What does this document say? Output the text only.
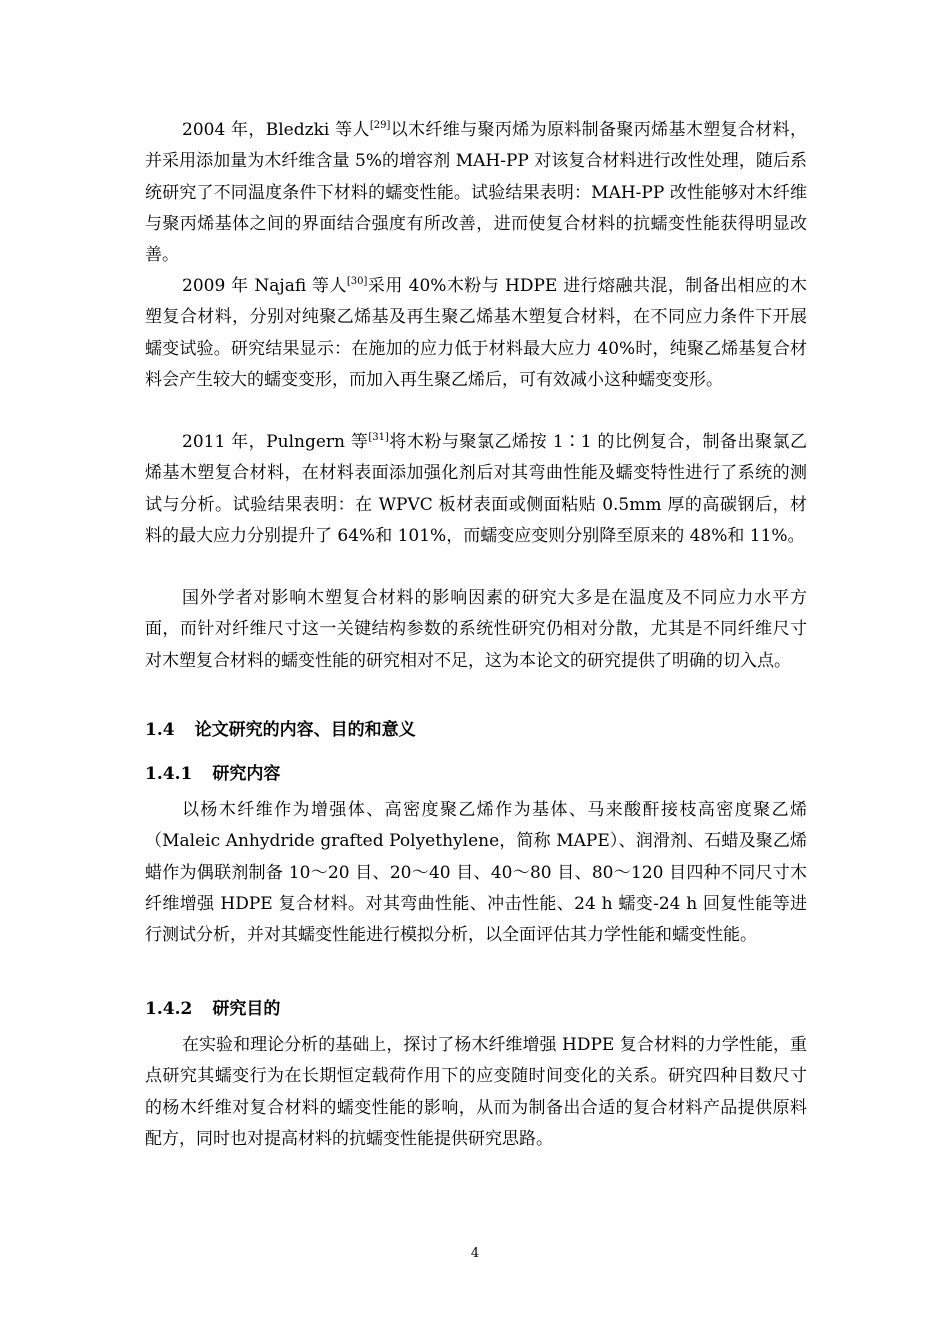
2004 年，Bledzki 等人[29]以木纤维与聚丙烯为原料制备聚丙烯基木塑复合材料，并采用添加量为木纤维含量 5%的增容剂 MAH-PP 对该复合材料进行改性处理，随后系统研究了不同温度条件下材料的蠕变性能。试验结果表明：MAH-PP 改性能够对木纤维与聚丙烯基体之间的界面结合强度有所改善，进而使复合材料的抗蠕变性能获得明显改善。

2009 年 Najafi 等人[30]采用 40%木粉与 HDPE 进行熔融共混，制备出相应的木塑复合材料，分别对纯聚乙烯基及再生聚乙烯基木塑复合材料，在不同应力条件下开展蠕变试验。研究结果显示：在施加的应力低于材料最大应力 40%时，纯聚乙烯基复合材料会产生较大的蠕变变形，而加入再生聚乙烯后，可有效减小这种蠕变变形。

2011 年，Pulngern 等[31]将木粉与聚氯乙烯按 1∶1 的比例复合，制备出聚氯乙烯基木塑复合材料，在材料表面添加强化剂后对其弯曲性能及蠕变特性进行了系统的测试与分析。试验结果表明：在 WPVC 板材表面或侧面粘贴 0.5mm 厚的高碳钢后，材料的最大应力分别提升了 64%和 101%，而蠕变应变则分别降至原来的 48%和 11%。

国外学者对影响木塑复合材料的影响因素的研究大多是在温度及不同应力水平方面，而针对纤维尺寸这一关键结构参数的系统性研究仍相对分散，尤其是不同纤维尺寸对木塑复合材料的蠕变性能的研究相对不足，这为本论文的研究提供了明确的切入点。

1.4 论文研究的内容、目的和意义
1.4.1 研究内容

以杨木纤维作为增强体、高密度聚乙烯作为基体、马来酸酐接枝高密度聚乙烯（Maleic Anhydride grafted Polyethylene，简称 MAPE）、润滑剂、石蜡及聚乙烯蜡作为偶联剂制备 10～20 目、20～40 目、40～80 目、80～120 目四种不同尺寸木纤维增强 HDPE 复合材料。对其弯曲性能、冲击性能、24 h 蠕变-24 h 回复性能等进行测试分析，并对其蠕变性能进行模拟分析，以全面评估其力学性能和蠕变性能。

1.4.2 研究目的

在实验和理论分析的基础上，探讨了杨木纤维增强 HDPE 复合材料的力学性能，重点研究其蠕变行为在长期恒定载荷作用下的应变随时间变化的关系。研究四种目数尺寸的杨木纤维对复合材料的蠕变性能的影响，从而为制备出合适的复合材料产品提供原料配方，同时也对提高材料的抗蠕变性能提供研究思路。

4
